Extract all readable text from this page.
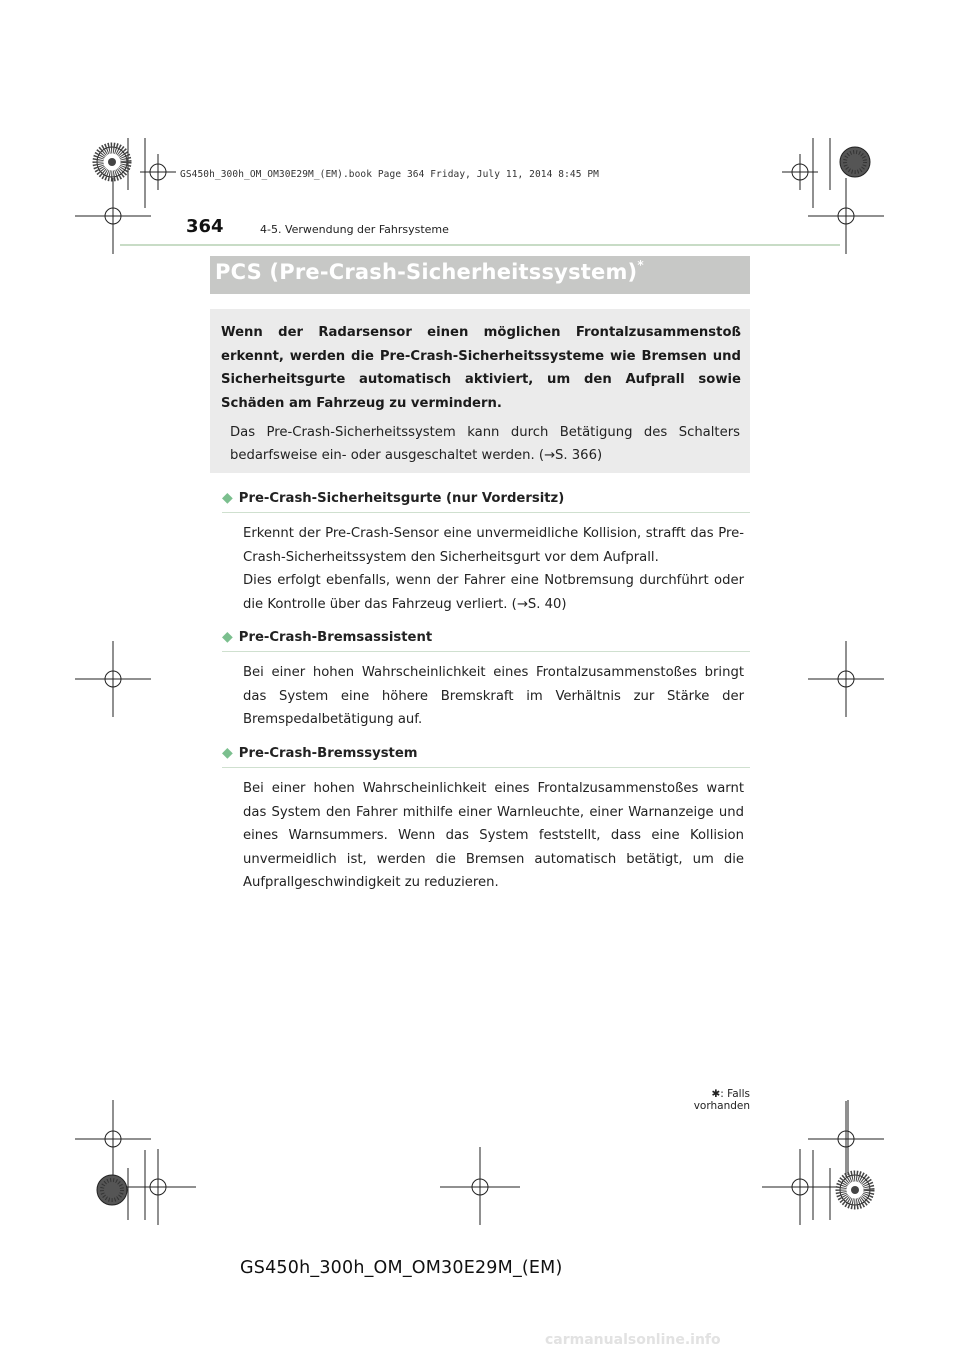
GS450h_300h_OM_OM30E29M_(EM).book Page 364 Friday, July 11, 2014 8:45 PM
364	4-5. Verwendung der Fahrsysteme
PCS (Pre-Crash-Sicherheitssystem)*
Wenn der Radarsensor einen möglichen Frontalzusammenstoß erkennt, werden die Pre-Crash-Sicherheitssysteme wie Bremsen und Sicherheitsgurte automatisch aktiviert, um den Aufprall sowie Schäden am Fahrzeug zu vermindern.
Das Pre-Crash-Sicherheitssystem kann durch Betätigung des Schalters bedarfsweise ein- oder ausgeschaltet werden. (→S. 366)
◆ Pre-Crash-Sicherheitsgurte (nur Vordersitz)
Erkennt der Pre-Crash-Sensor eine unvermeidliche Kollision, strafft das Pre-Crash-Sicherheitssystem den Sicherheitsgurt vor dem Aufprall.
Dies erfolgt ebenfalls, wenn der Fahrer eine Notbremsung durchführt oder die Kontrolle über das Fahrzeug verliert. (→S. 40)
◆ Pre-Crash-Bremsassistent
Bei einer hohen Wahrscheinlichkeit eines Frontalzusammenstoßes bringt das System eine höhere Bremskraft im Verhältnis zur Stärke der Bremspedalbetätigung auf.
◆ Pre-Crash-Bremssystem
Bei einer hohen Wahrscheinlichkeit eines Frontalzusammenstoßes warnt das System den Fahrer mithilfe einer Warnleuchte, einer Warnanzeige und eines Warnsummers. Wenn das System feststellt, dass eine Kollision unvermeidlich ist, werden die Bremsen automatisch betätigt, um die Aufprallgeschwindigkeit zu reduzieren.
✱: Falls vorhanden
GS450h_300h_OM_OM30E29M_(EM)
carmanualsonline.info
